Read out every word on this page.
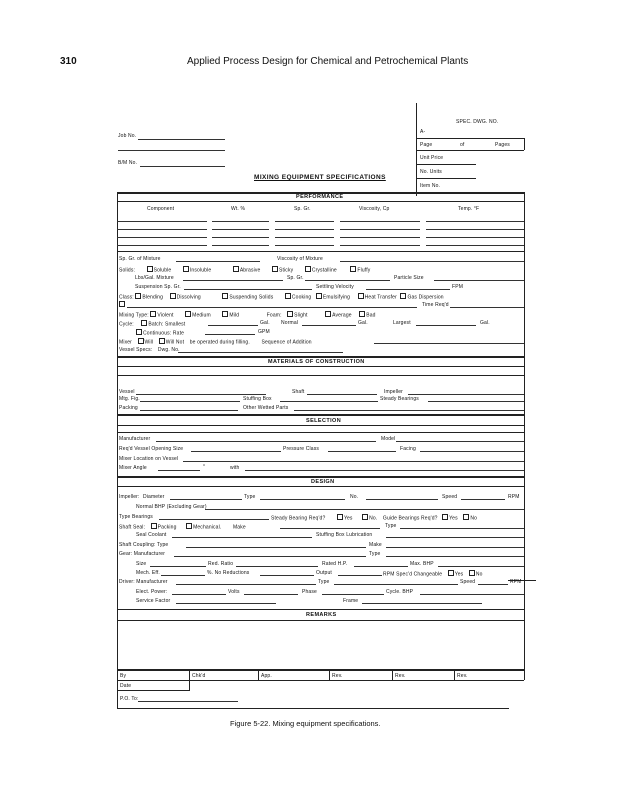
310	Applied Process Design for Chemical and Petrochemical Plants
SPEC. DWG. NO.
A-
Page	of	Pages
Unit Price
No. Units
Item No.
Job No.
B/M No.
MIXING EQUIPMENT SPECIFICATIONS
PERFORMANCE
Component	Wt. %	Sp. Gr.	Viscosity, Cp	Temp. °F
Sp. Gr. of Mixture	Viscosity of Mixture
Solids:	Soluble	Insoluble	Abrasive	Sticky	Crystalline	Fluffy
Lbs/Gal. Mixture	Sp. Gr.	Particle Size
Suspension Sp. Gr.	Settling Velocity	FPM
Class: Blending	Dissolving	Suspending Solids	Cooking Emulsifying	Heat Transfer Gas Dispersion
Time Req'd
Mixing Type: Violent	Medium	Mild	Foam:	Slight	Average	Bad
Cycle:	Batch: Smallest	Gal. Normal	Gal.	Largest	Gal.
Continuous: Rate	GPM
Mixer	Will	Will Not be operated during filling. Sequence of Addition
Vessel Specs: Dwg. No.
MATERIALS OF CONSTRUCTION
Vessel	Shaft	Impeller
Mtg. Fig.	Stuffing Box	Steady Bearings
Packing	Other Wetted Parts
SELECTION
Manufacturer	Model
Req'd Vessel Opening Size	Pressure Class	Facing
Mixer Location on Vessel
Mixer Angle	°	with
DESIGN
Impeller: Diameter	Type	No.	Speed	RPM
Normal BHP (Excluding Gear)
Type Bearings	Steady Bearing Req'd?	Yes	No. Guide Bearings Req'd? Yes	No
Shaft Seal:	Packing	Mechanical. Make	Type
Seal Coolant	Stuffing Box Lubrication
Shaft Coupling: Type	Make
Gear: Manufacturer	Type
Size	Red. Ratio	Rated H.P.	Max. BHP
Mech. Eff.	%. No Reductions	Output	RPM Spec'd Changeable	Yes	No
Driver: Manufacturer	Type	Speed	RPM
Elect. Power:	Volts	Phase	Cycle. BHP
Service Factor	Frame
REMARKS
By	Chk'd	App.	Rev.	Rev.	Rev.
Date
P.O. To:
Figure 5-22. Mixing equipment specifications.
